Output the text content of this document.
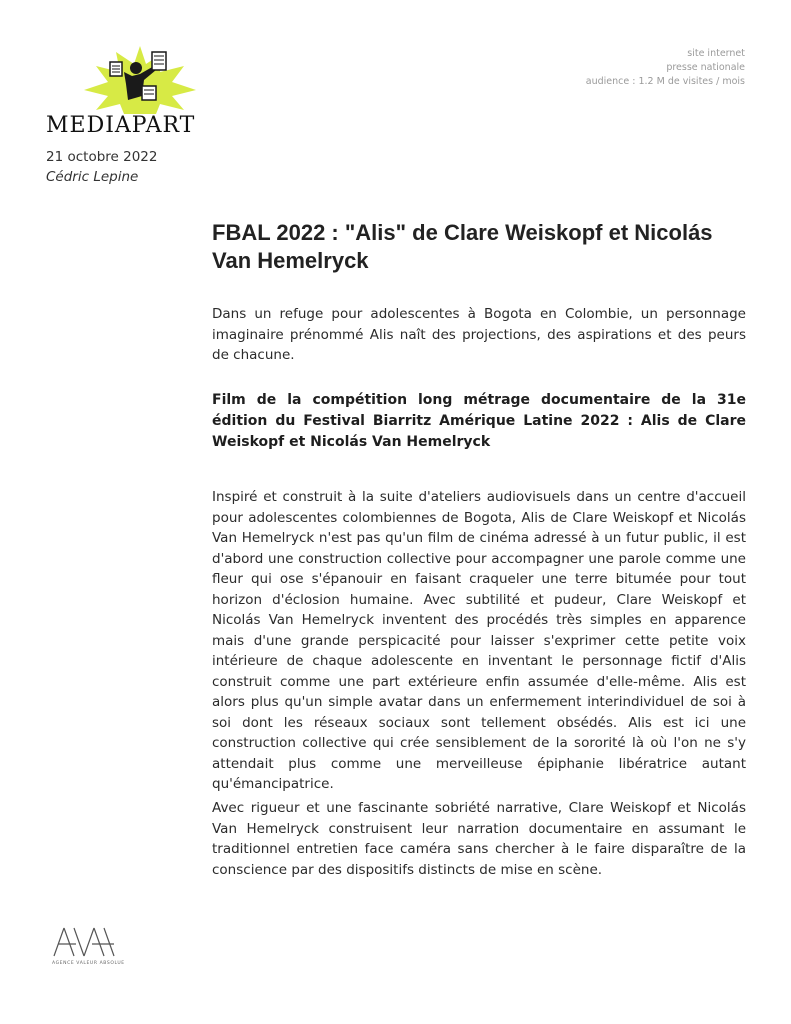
MEDIAPART
21 octobre 2022
Cédric Lepine
site internet
presse nationale
audience : 1.2 M de visites / mois
FBAL 2022 : "Alis" de Clare Weiskopf et Nicolás Van Hemelryck

Dans un refuge pour adolescentes à Bogota en Colombie, un personnage imaginaire prénommé Alis naît des projections, des aspirations et des peurs de chacune.

Film de la compétition long métrage documentaire de la 31e édition du Festival Biarritz Amérique Latine 2022 : Alis de Clare Weiskopf et Nicolás Van Hemelryck

Inspiré et construit à la suite d'ateliers audiovisuels dans un centre d'accueil pour adolescentes colombiennes de Bogota, Alis de Clare Weiskopf et Nicolás Van Hemelryck n'est pas qu'un film de cinéma adressé à un futur public, il est d'abord une construction collective pour accompagner une parole comme une fleur qui ose s'épanouir en faisant craqueler une terre bitumée pour tout horizon d'éclosion humaine. Avec subtilité et pudeur, Clare Weiskopf et Nicolás Van Hemelryck inventent des procédés très simples en apparence mais d'une grande perspicacité pour laisser s'exprimer cette petite voix intérieure de chaque adolescente en inventant le personnage fictif d'Alis construit comme une part extérieure enfin assumée d'elle-même. Alis est alors plus qu'un simple avatar dans un enfermement interindividuel de soi à soi dont les réseaux sociaux sont tellement obsédés. Alis est ici une construction collective qui crée sensiblement de la sororité là où l'on ne s'y attendait plus comme une merveilleuse épiphanie libératrice autant qu'émancipatrice.

Avec rigueur et une fascinante sobriété narrative, Clare Weiskopf et Nicolás Van Hemelryck construisent leur narration documentaire en assumant le traditionnel entretien face caméra sans chercher à le faire disparaître de la conscience par des dispositifs distincts de mise en scène.

AGENCE VALEUR ABSOLUE
